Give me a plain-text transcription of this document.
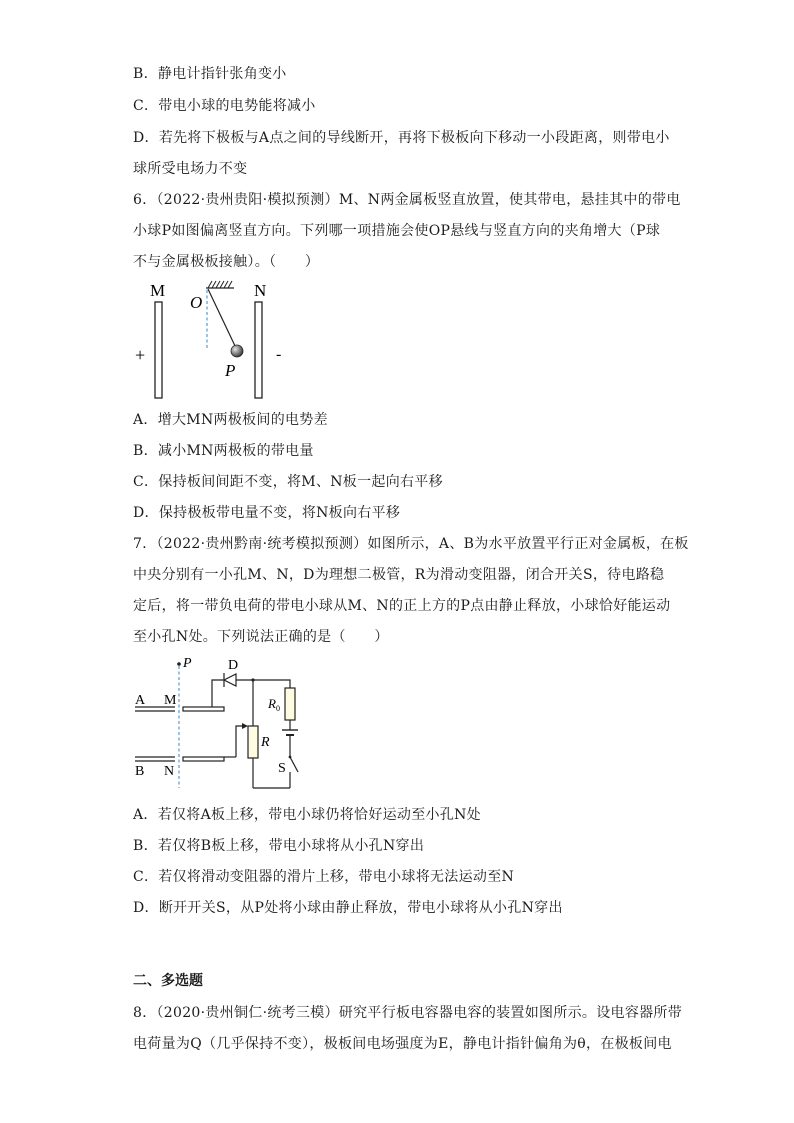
B．静电计指针张角变小
C．带电小球的电势能将减小
D．若先将下极板与A点之间的导线断开，再将下极板向下移动一小段距离，则带电小
球所受电场力不变
6．（2022·贵州贵阳·模拟预测）M、N两金属板竖直放置，使其带电，悬挂其中的带电
小球P如图偏离竖直方向。下列哪一项措施会使OP悬线与竖直方向的夹角增大（P球
不与金属极板接触）。（　　）
M	N
O
P
+	-
A．增大MN两极板间的电势差
B．减小MN两极板的带电量
C．保持板间间距不变，将M、N板一起向右平移
D．保持极板带电量不变，将N板向右平移
7．（2022·贵州黔南·统考模拟预测）如图所示，A、B为水平放置平行正对金属板，在板
中央分别有一小孔M、N，D为理想二极管，R为滑动变阻器，闭合开关S，待电路稳
定后，将一带负电荷的带电小球从M、N的正上方的P点由静止释放，小球恰好能运动
至小孔N处。下列说法正确的是（　　）
P	D
A M
B N
$R_0$
R
S
A．若仅将A板上移，带电小球仍将恰好运动至小孔N处
B．若仅将B板上移，带电小球将从小孔N穿出
C．若仅将滑动变阻器的滑片上移，带电小球将无法运动至N
D．断开开关S，从P处将小球由静止释放，带电小球将从小孔N穿出
二、多选题
8．（2020·贵州铜仁·统考三模）研究平行板电容器电容的装置如图所示。设电容器所带
电荷量为Q（几乎保持不变），极板间电场强度为E，静电计指针偏角为θ，在极板间电
